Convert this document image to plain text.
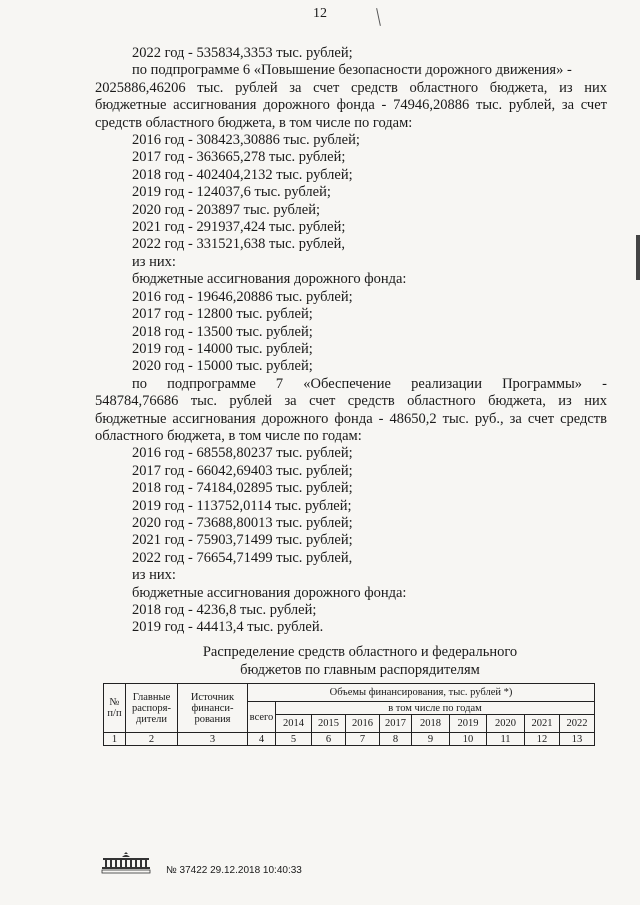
12
2022 год - 535834,3353 тыс. рублей;
по подпрограмме 6 «Повышение безопасности дорожного движения» -
2025886,46206 тыс. рублей за счет средств областного бюджета, из них
бюджетные ассигнования дорожного фонда - 74946,20886 тыс. рублей, за счет
средств областного бюджета, в том числе по годам:
2016 год - 308423,30886 тыс. рублей;
2017 год - 363665,278 тыс. рублей;
2018 год - 402404,2132 тыс. рублей;
2019 год - 124037,6 тыс. рублей;
2020 год - 203897 тыс. рублей;
2021 год - 291937,424 тыс. рублей;
2022 год - 331521,638 тыс. рублей,
из них:
бюджетные ассигнования дорожного фонда:
2016 год - 19646,20886 тыс. рублей;
2017 год - 12800 тыс. рублей;
2018 год - 13500 тыс. рублей;
2019 год - 14000 тыс. рублей;
2020 год - 15000 тыс. рублей;
по подпрограмме 7 «Обеспечение реализации Программы» -
548784,76686 тыс. рублей за счет средств областного бюджета, из них
бюджетные ассигнования дорожного фонда - 48650,2 тыс. руб., за счет средств
областного бюджета, в том числе по годам:
2016 год - 68558,80237 тыс. рублей;
2017 год - 66042,69403 тыс. рублей;
2018 год - 74184,02895 тыс. рублей;
2019 год - 113752,0114 тыс. рублей;
2020 год - 73688,80013 тыс. рублей;
2021 год - 75903,71499 тыс. рублей;
2022 год - 76654,71499 тыс. рублей,
из них:
бюджетные ассигнования дорожного фонда:
2018 год - 4236,8 тыс. рублей;
2019 год - 44413,4 тыс. рублей.
Распределение средств областного и федерального
бюджетов по главным распорядителям
№ п/п	Главные распоря-дители	Источник финанси-рования	Объемы финансирования, тыс. рублей *)									
			всего	в том числе по годам								
				2014	2015	2016	2017	2018	2019	2020	2021	2022
1	2	3	4	5	6	7	8	9	10	11	12	13
№ 37422 29.12.2018 10:40:33
